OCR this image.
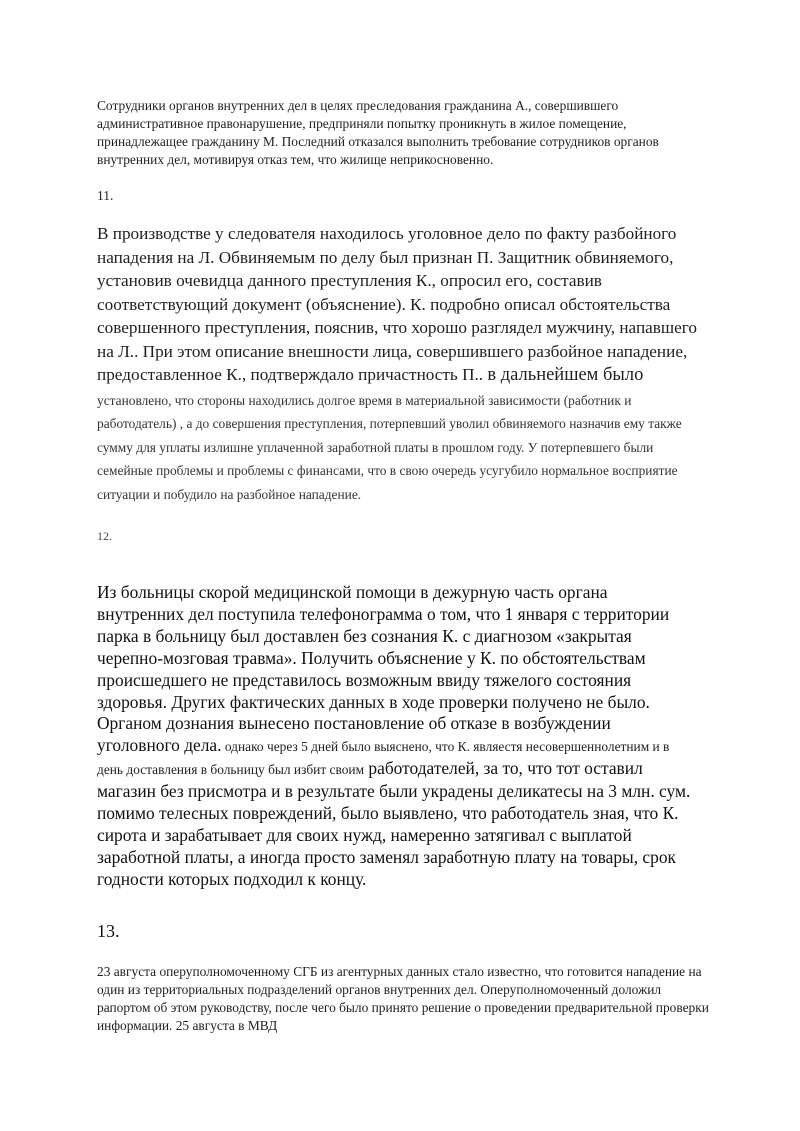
Сотрудники органов внутренних дел в целях преследования гражданина А., совершившего административное правонарушение, предприняли попытку проникнуть в жилое помещение, принадлежащее гражданину М. Последний отказался выполнить требование сотрудников органов внутренних дел, мотивируя отказ тем, что жилище неприкосновенно.

11.

В производстве у следователя находилось уголовное дело по факту разбойного нападения на Л. Обвиняемым по делу был признан П. Защитник обвиняемого, установив очевидца данного преступления К., опросил его, составив соответствующий документ (объяснение). К. подробно описал обстоятельства совершенного преступления, пояснив, что хорошо разглядел мужчину, напавшего на Л.. При этом описание внешности лица, совершившего разбойное нападение, предоставленное К., подтверждало причастность П.. в дальнейшем было установлено, что стороны находились долгое время в материальной зависимости (работник и работодатель) , а до совершения преступления, потерпевший уволил обвиняемого назначив ему также сумму для уплаты излишне уплаченной заработной платы в прошлом году. У потерпевшего были семейные проблемы и проблемы с финансами, что в свою очередь усугубило нормальное восприятие ситуации и побудило на разбойное нападение.

12.

Из больницы скорой медицинской помощи в дежурную часть органа внутренних дел поступила телефонограмма о том, что 1 января с территории парка в больницу был доставлен без сознания К. с диагнозом «закрытая черепно-мозговая травма». Получить объяснение у К. по обстоятельствам происшедшего не представилось возможным ввиду тяжелого состояния здоровья. Других фактических данных в ходе проверки получено не было. Органом дознания вынесено постановление об отказе в возбуждении уголовного дела. однако через 5 дней было выяснено, что К. являестя несовершеннолетним и в день доставления в больницу был избит своим работодателей, за то, что тот оставил магазин без присмотра и в результате были украдены деликатесы на 3 млн. сум. помимо телесных повреждений, было выявлено, что работодатель зная, что К. сирота и зарабатывает для своих нужд, намеренно затягивал с выплатой заработной платы, а иногда просто заменял заработную плату на товары, срок годности которых подходил к концу.

13.

23 августа оперуполномоченному СГБ из агентурных данных стало известно, что готовится нападение на один из территориальных подразделений органов внутренних дел. Оперуполномоченный доложил рапортом об этом руководству, после чего было принято решение о проведении предварительной проверки информации. 25 августа в МВД
